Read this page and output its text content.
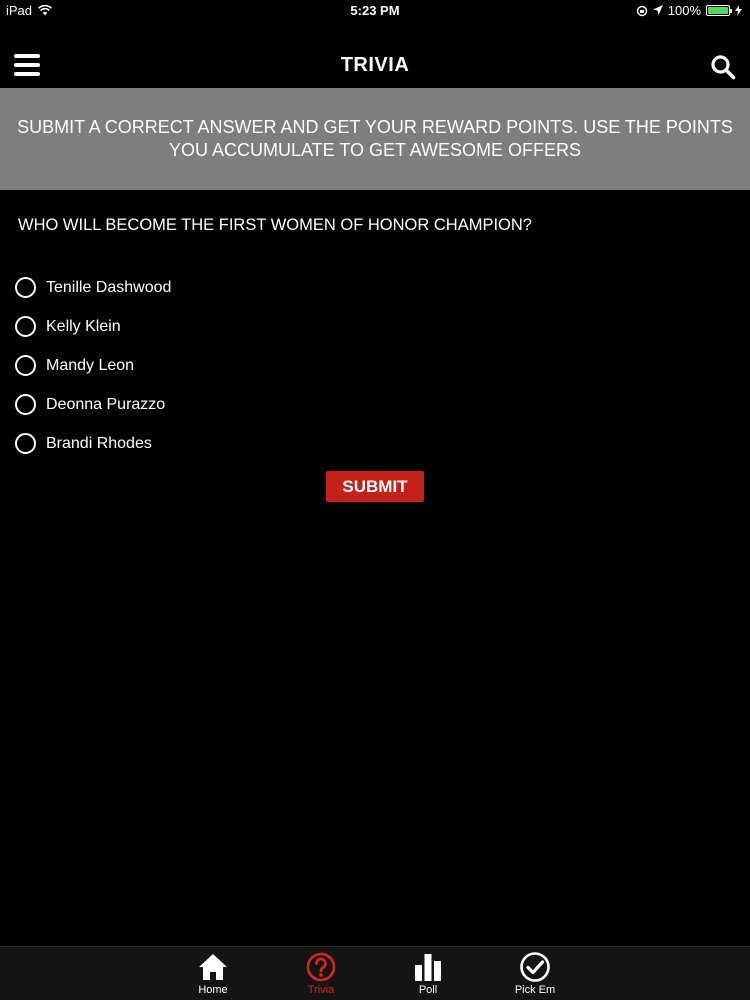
iPad	5:23 PM	100%
TRIVIA
SUBMIT A CORRECT ANSWER AND GET YOUR REWARD POINTS. USE THE POINTS YOU ACCUMULATE TO GET AWESOME OFFERS
WHO WILL BECOME THE FIRST WOMEN OF HONOR CHAMPION?
Tenille Dashwood
Kelly Klein
Mandy Leon
Deonna Purazzo
Brandi Rhodes
SUBMIT
Home	Trivia	Poll	Pick Em
